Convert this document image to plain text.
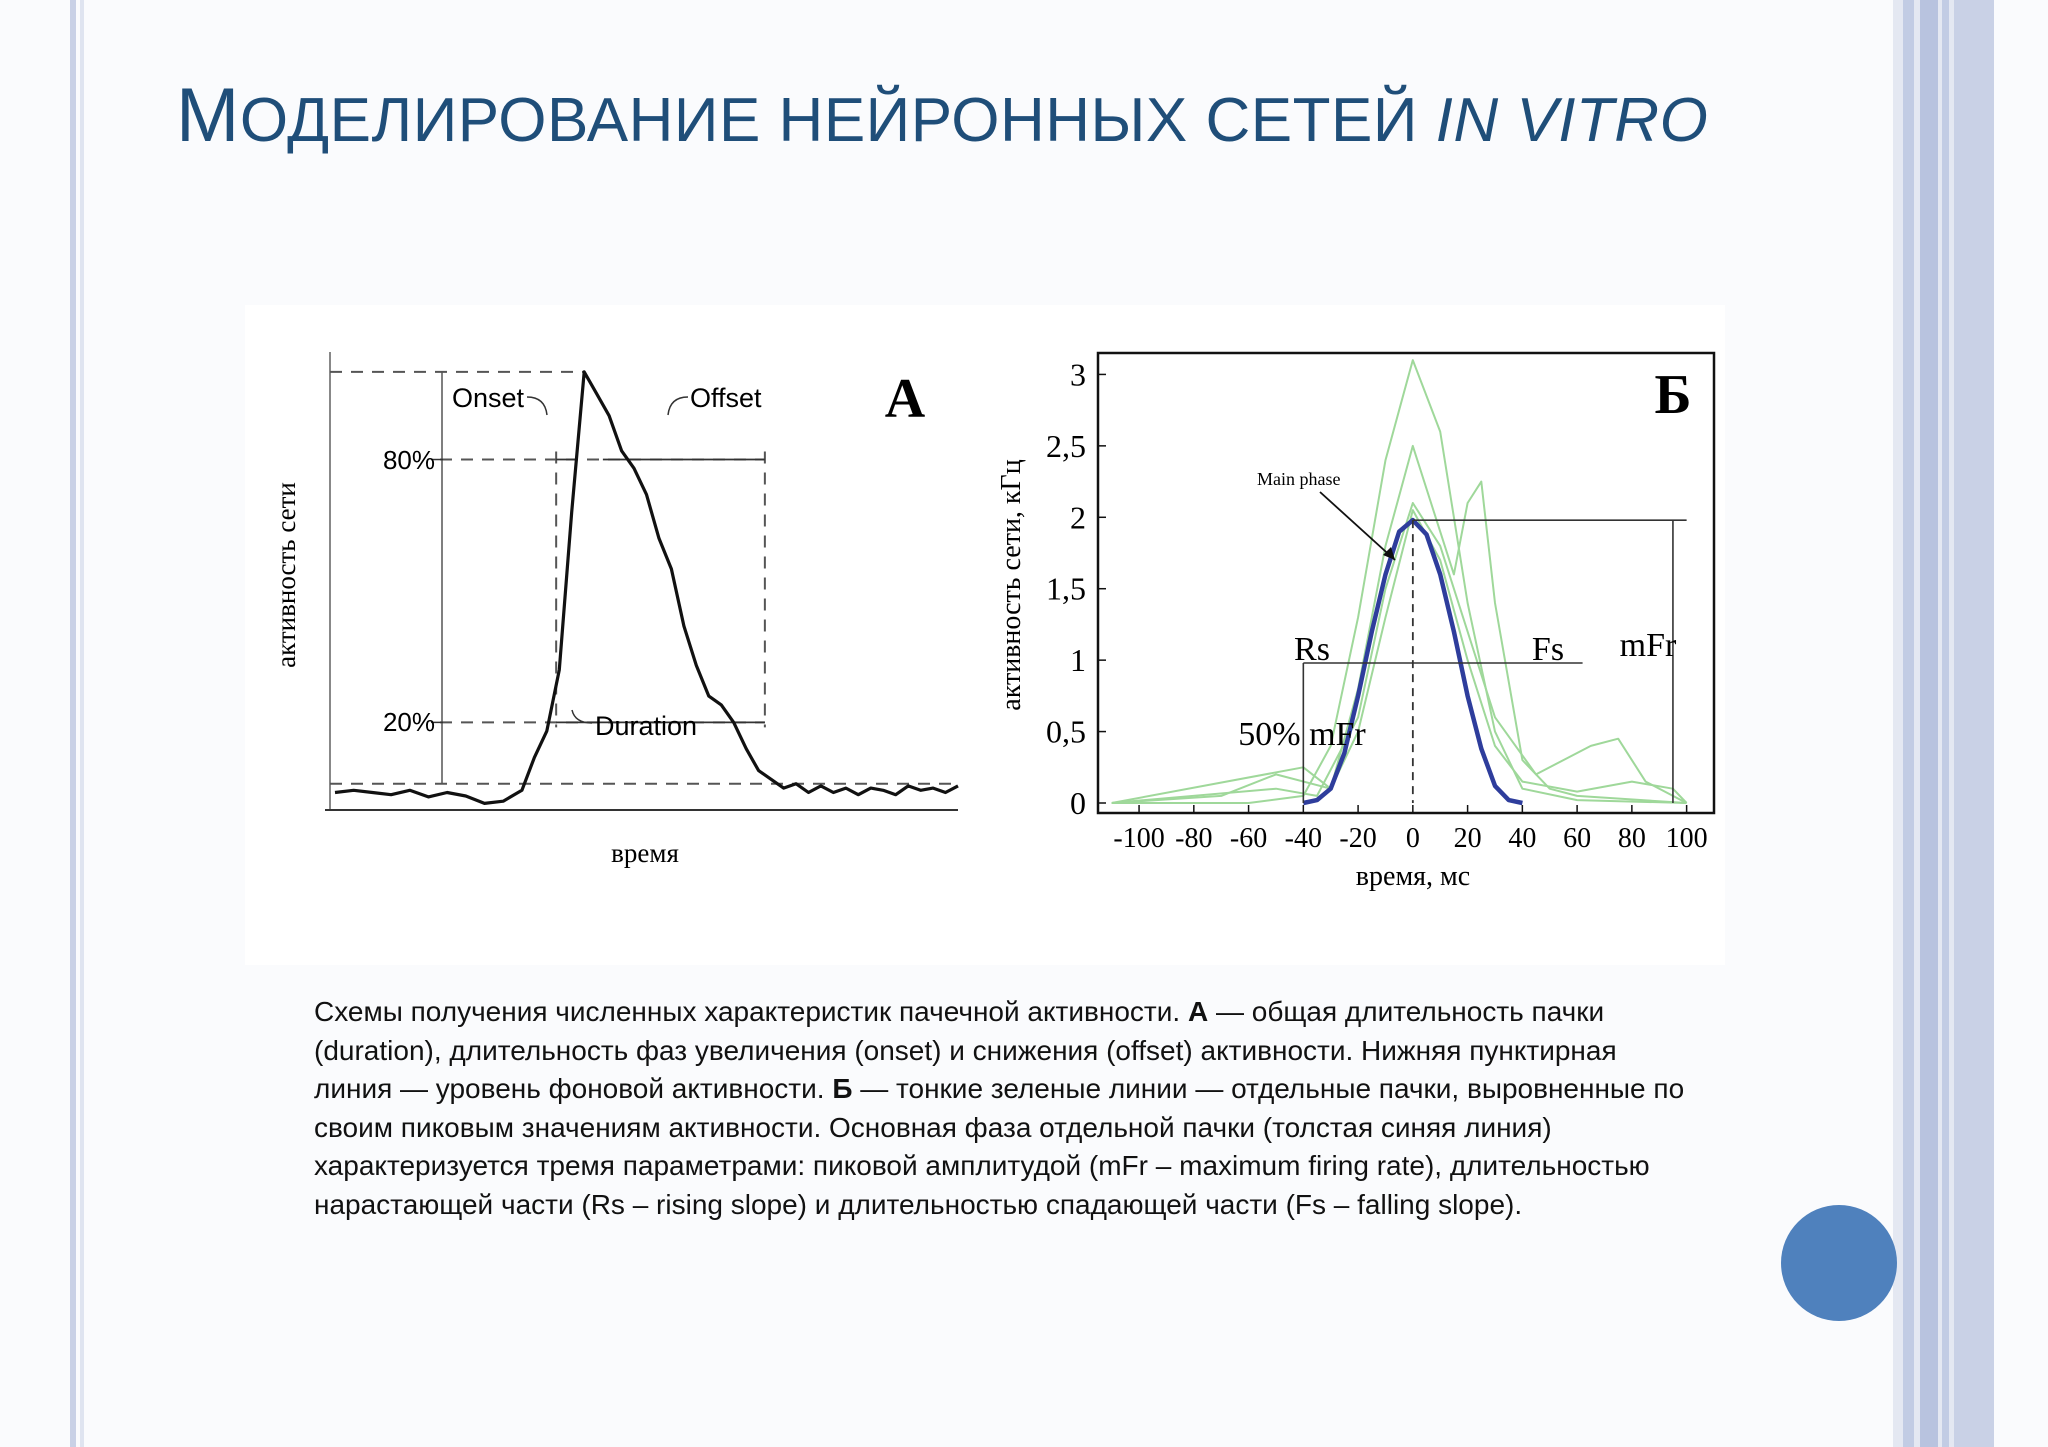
МОДЕЛИРОВАНИЕ НЕЙРОННЫХ СЕТЕЙ IN VITRO
80%
20%
Onset	Offset
Duration
А
время
активность сети
-100 -80 -60 -40 -20 0 20 40 60 80 100
0
0,5
1
1,5
2
2,5
3
Main phase
Rs	Fs mFr
50% mFr
Б
время, мс
активность сети, кГц
Схемы получения численных характеристик пачечной активности. А — общая длительность пачки (duration), длительность фаз увеличения (onset) и снижения (offset) активности. Нижняя пунктирная линия — уровень фоновой активности. Б — тонкие зеленые линии — отдельные пачки, выровненные по своим пиковым значениям активности. Основная фаза отдельной пачки (толстая синяя линия) характеризуется тремя параметрами: пиковой амплитудой (mFr – maximum firing rate), длительностью нарастающей части (Rs – rising slope) и длительностью спадающей части (Fs – falling slope).
